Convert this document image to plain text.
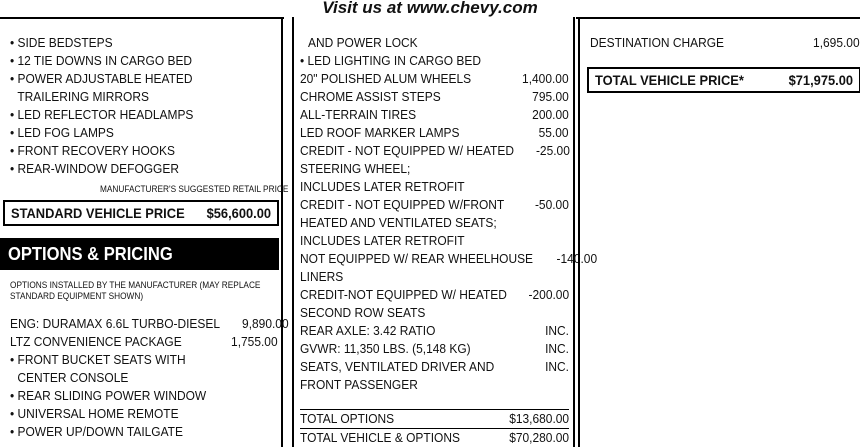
Visit us at www.chevy.com
• SIDE BEDSTEPS
• 12 TIE DOWNS IN CARGO BED
• POWER ADJUSTABLE HEATED
TRAILERING MIRRORS
• LED REFLECTOR HEADLAMPS
• LED FOG LAMPS
• FRONT RECOVERY HOOKS
• REAR-WINDOW DEFOGGER
MANUFACTURER'S SUGGESTED RETAIL PRICE
STANDARD VEHICLE PRICE $56,600.00
OPTIONS & PRICING
OPTIONS INSTALLED BY THE MANUFACTURER (MAY REPLACE
STANDARD EQUIPMENT SHOWN)
ENG: DURAMAX 6.6L TURBO-DIESEL 9,890.00
LTZ CONVENIENCE PACKAGE	1,755.00
• FRONT BUCKET SEATS WITH
CENTER CONSOLE
• REAR SLIDING POWER WINDOW
• UNIVERSAL HOME REMOTE
• POWER UP/DOWN TAILGATE
AND POWER LOCK
• LED LIGHTING IN CARGO BED
20" POLISHED ALUM WHEELS	1,400.00
CHROME ASSIST STEPS	795.00
ALL-TERRAIN TIRES	200.00
LED ROOF MARKER LAMPS	55.00
CREDIT - NOT EQUIPPED W/ HEATED -25.00
STEERING WHEEL;
INCLUDES LATER RETROFIT
CREDIT - NOT EQUIPPED W/FRONT -50.00
HEATED AND VENTILATED SEATS;
INCLUDES LATER RETROFIT
NOT EQUIPPED W/ REAR WHEELHOUSE -140.00
LINERS
CREDIT-NOT EQUIPPED W/ HEATED -200.00
SECOND ROW SEATS
REAR AXLE: 3.42 RATIO	INC.
GVWR: 11,350 LBS. (5,148 KG)	INC.
SEATS, VENTILATED DRIVER AND	INC.
FRONT PASSENGER
TOTAL OPTIONS	$13,680.00
TOTAL VEHICLE & OPTIONS	$70,280.00
DESTINATION CHARGE	1,695.00
TOTAL VEHICLE PRICE*	$71,975.00
